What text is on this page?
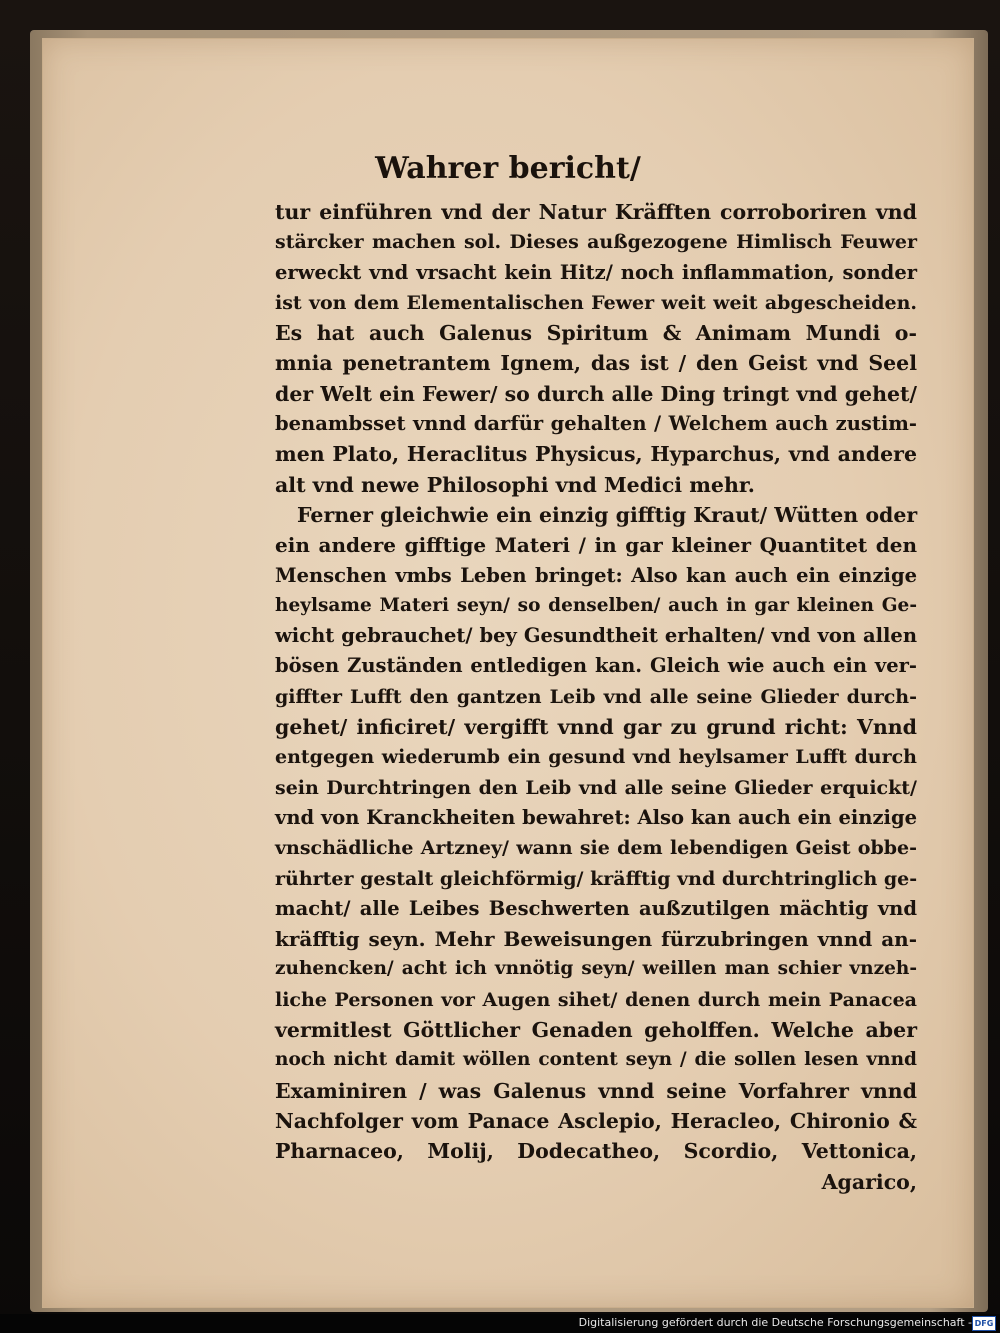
Wahrer bericht/
tur einführen vnd der Natur Kräfften corroboriren vnd
stärcker machen sol. Dieses außgezogene Himlisch Feuwer
erweckt vnd vrsacht kein Hitz/ noch inflammation, sonder
ist von dem Elementalischen Fewer weit weit abgescheiden.
Es hat auch Galenus Spiritum & Animam Mundi o-
mnia penetrantem Ignem, das ist / den Geist vnd Seel
der Welt ein Fewer/ so durch alle Ding tringt vnd gehet/
benambsset vnnd darfür gehalten / Welchem auch zustim-
men Plato, Heraclitus Physicus, Hyparchus, vnd andere
alt vnd newe Philosophi vnd Medici mehr.
Ferner gleichwie ein einzig gifftig Kraut/ Wütten oder
ein andere gifftige Materi / in gar kleiner Quantitet den
Menschen vmbs Leben bringet: Also kan auch ein einzige
heylsame Materi seyn/ so denselben/ auch in gar kleinen Ge-
wicht gebrauchet/ bey Gesundtheit erhalten/ vnd von allen
bösen Zuständen entledigen kan. Gleich wie auch ein ver-
giffter Lufft den gantzen Leib vnd alle seine Glieder durch-
gehet/ inficiret/ vergifft vnnd gar zu grund richt: Vnnd
entgegen wiederumb ein gesund vnd heylsamer Lufft durch
sein Durchtringen den Leib vnd alle seine Glieder erquickt/
vnd von Kranckheiten bewahret: Also kan auch ein einzige
vnschädliche Artzney/ wann sie dem lebendigen Geist obbe-
rührter gestalt gleichförmig/ kräfftig vnd durchtringlich ge-
macht/ alle Leibes Beschwerten außzutilgen mächtig vnd
kräfftig seyn. Mehr Beweisungen fürzubringen vnnd an-
zuhencken/ acht ich vnnötig seyn/ weillen man schier vnzeh-
liche Personen vor Augen sihet/ denen durch mein Panacea
vermitlest Göttlicher Genaden geholffen. Welche aber
noch nicht damit wöllen content seyn / die sollen lesen vnnd
Examiniren / was Galenus vnnd seine Vorfahrer vnnd
Nachfolger vom Panace Asclepio, Heracleo, Chironio &
Pharnaceo, Molij, Dodecatheo, Scordio, Vettonica,
Agarico,
Digitalisierung gefördert durch die Deutsche Forschungsgemeinschaft - DFG
